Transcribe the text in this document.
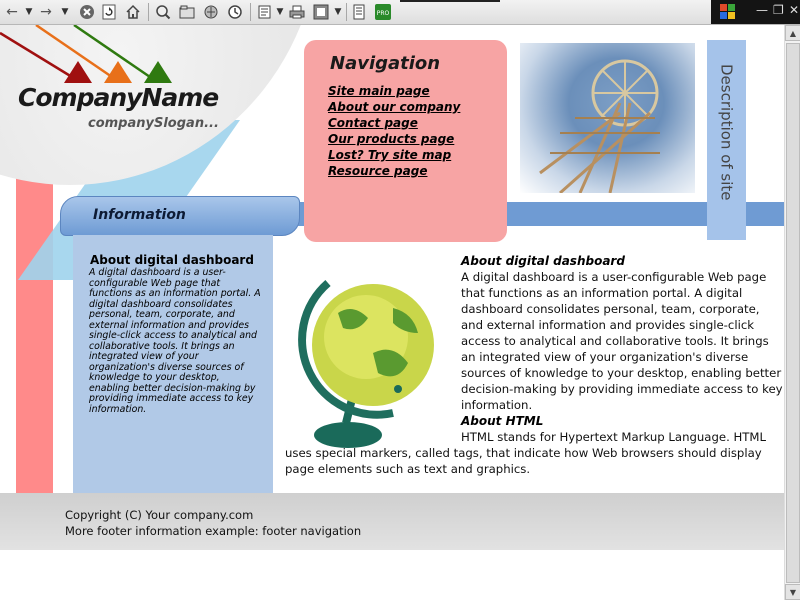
← ▼ → ▼	▼	▼	PRO	— ❐ ✕
CompanyName
companySlogan...
Information
Navigation
Site main page
About our company
Contact page
Our products page
Lost? Try site map
Resource page	Description of site
About digital dashboard
A digital dashboard is a user-configurable Web page that functions as an information portal. A digital dashboard consolidates personal, team, corporate, and external information and provides single-click access to analytical and collaborative tools. It brings an integrated view of your organization's diverse sources of knowledge to your desktop, enabling better decision-making by providing immediate access to key information.
About digital dashboard
A digital dashboard is a user-configurable Web page that functions as an information portal. A digital dashboard consolidates personal, team, corporate, and external information and provides single-click access to analytical and collaborative tools. It brings an integrated view of your organization's diverse sources of knowledge to your desktop, enabling better decision-making by providing immediate access to key information.
About HTML
HTML stands for Hypertext Markup Language. HTML uses special markers, called tags, that indicate how Web browsers should display page elements such as text and graphics.
Copyright (C) Your company.com
More footer information example: footer navigation
▲
▼
